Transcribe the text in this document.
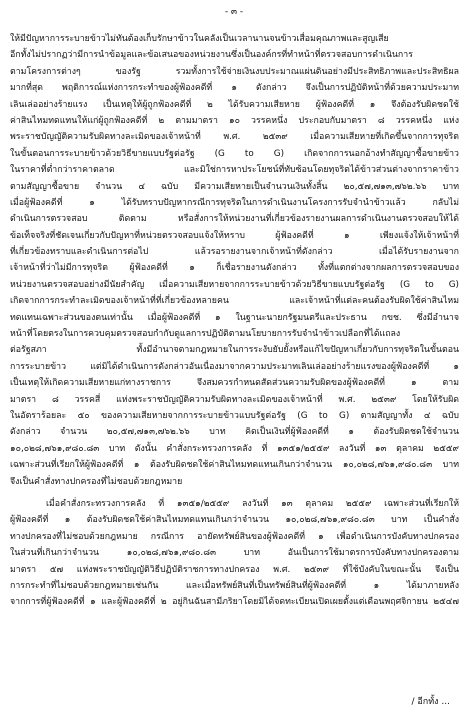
- ๓ -
ให้มีปัญหาการระบายข้าวไม่ทันต้องเก็บรักษาข้าวในคลังเป็นเวลานานจนข้าวเสื่อมคุณภาพและสูญเสีย
อีกทั้งไม่ปรากฏว่ามีการนำข้อมูลและข้อเสนอของหน่วยงานซึ่งเป็นองค์กรที่ทำหน้าที่ตรวจสอบการดำเนินการ
ตามโครงการต่างๆ ของรัฐ รวมทั้งการใช้จ่ายเงินงบประมาณแผ่นดินอย่างมีประสิทธิภาพและประสิทธิผล
มากที่สุด พฤติการณ์แห่งการกระทำของผู้ฟ้องคดีที่ ๑ ดังกล่าว จึงเป็นการปฏิบัติหน้าที่ด้วยความประมาท
เลินเล่ออย่างร้ายแรง เป็นเหตุให้ผู้ถูกฟ้องคดีที่ ๒ ได้รับความเสียหาย ผู้ฟ้องคดีที่ ๑ จึงต้องรับผิดชดใช้
ค่าสินไหมทดแทนให้แก่ผู้ถูกฟ้องคดีที่ ๒ ตามมาตรา ๑๐ วรรคหนึ่ง ประกอบกับมาตรา ๘ วรรคหนึ่ง แห่ง
พระราชบัญญัติความรับผิดทางละเมิดของเจ้าหน้าที่ พ.ศ. ๒๕๓๙ เมื่อความเสียหายที่เกิดขึ้นจากการทุจริต
ในขั้นตอนการระบายข้าวด้วยวิธีขายแบบรัฐต่อรัฐ (G to G) เกิดจากการนอกอ้างทำสัญญาซื้อขายข้าว
ในราคาที่ต่ำกว่าราคาตลาด และมิใช่การหาประโยชน์ที่ทับซ้อนโดยทุจริตได้ข้าวส่วนต่างจากราคาข้าว
ตามสัญญาซื้อขาย จำนวน ๔ ฉบับ มีความเสียหายเป็นจำนวนเงินทั้งสิ้น ๒๐,๕๗,๗๑๓,๗๖๒.๖๖ บาท
เมื่อผู้ฟ้องคดีที่ ๑ ได้รับทราบปัญหากรณีการทุจริตในการดำเนินงานโครงการรับจำนำข้าวแล้ว กลับไม่
ดำเนินการตรวจสอบ ติดตาม หรือสั่งการให้หน่วยงานที่เกี่ยวข้องรายงานผลการดำเนินงานตรวจสอบให้ได้
ข้อเท็จจริงที่ชัดเจนเกี่ยวกับปัญหาที่หน่วยตรวจสอบแจ้งให้ทราบ ผู้ฟ้องคดีที่ ๑ เพียงแจ้งให้เจ้าหน้าที่
ที่เกี่ยวข้องทราบและดำเนินการต่อไป แล้วรอรายงานจากเจ้าหน้าที่ดังกล่าว เมื่อได้รับรายงานจาก
เจ้าหน้าที่ว่าไม่มีการทุจริต ผู้ฟ้องคดีที่ ๑ ก็เชื่อรายงานดังกล่าว ทั้งที่แตกต่างจากผลการตรวจสอบของ
หน่วยงานตรวจสอบอย่างมีนัยสำคัญ เมื่อความเสียหายจากการระบายข้าวด้วยวิธีขายแบบรัฐต่อรัฐ (G to G)
เกิดจากการกระทำละเมิดของเจ้าหน้าที่ที่เกี่ยวข้องหลายคน และเจ้าหน้าที่แต่ละคนต้องรับผิดใช้ค่าสินไหม
ทดแทนเฉพาะส่วนของตนเท่านั้น เมื่อผู้ฟ้องคดีที่ ๑ ในฐานะนายกรัฐมนตรีและประธาน กขช. ซึ่งมีอำนาจ
หน้าที่โดยตรงในการควบคุมตรวจสอบกำกับดูแลการปฏิบัติตามนโยบายการรับจำนำข้าวเปลือกที่ได้แถลง
ต่อรัฐสภา ทั้งมีอำนาจตามกฎหมายในการระงับยับยั้งหรือแก้ไขปัญหาเกี่ยวกับการทุจริตในขั้นตอน
การระบายข้าว แต่มิได้ดำเนินการดังกล่าวอันเนื่องมาจากความประมาทเลินเล่ออย่างร้ายแรงของผู้ฟ้องคดีที่ ๑
เป็นเหตุให้เกิดความเสียหายแก่ทางราชการ จึงสมควรกำหนดสัดส่วนความรับผิดของผู้ฟ้องคดีที่ ๑ ตาม
มาตรา ๘ วรรคสี่ แห่งพระราชบัญญัติความรับผิดทางละเมิดของเจ้าหน้าที่ พ.ศ. ๒๕๓๙ โดยให้รับผิด
ในอัตราร้อยละ ๕๐ ของความเสียหายจากการระบายข้าวแบบรัฐต่อรัฐ (G to G) ตามสัญญาทั้ง ๔ ฉบับ
ดังกล่าว จำนวน ๒๐,๕๗,๗๑๓,๗๖๒.๖๖ บาท คิดเป็นเงินที่ผู้ฟ้องคดีที่ ๑ ต้องรับผิดชดใช้จำนวน
๑๐,๐๒๘,๗๖๑,๙๘๐.๘๓ บาท ดังนั้น คำสั่งกระทรวงการคลัง ที่ ๑๓๕๑/๒๕๕๙ ลงวันที่ ๑๓ ตุลาคม ๒๕๕๙
เฉพาะส่วนที่เรียกให้ผู้ฟ้องคดีที่ ๑ ต้องรับผิดชดใช้ค่าสินไหมทดแทนเกินกว่าจำนวน ๑๐,๐๒๘,๗๖๑,๙๘๐.๘๓ บาท
จึงเป็นคำสั่งทางปกครองที่ไม่ชอบด้วยกฎหมาย
เมื่อคำสั่งกระทรวงการคลัง ที่ ๑๓๕๑/๒๕๕๙ ลงวันที่ ๑๓ ตุลาคม ๒๕๕๙ เฉพาะส่วนที่เรียกให้
ผู้ฟ้องคดีที่ ๑ ต้องรับผิดชดใช้ค่าสินไหมทดแทนเกินกว่าจำนวน ๑๐,๐๒๘,๗๖๑,๙๘๐.๘๓ บาท เป็นคำสั่ง
ทางปกครองที่ไม่ชอบด้วยกฎหมาย กรณีการ อายัดทรัพย์สินของผู้ฟ้องคดีที่ ๑ เพื่อดำเนินการบังคับทางปกครอง
ในส่วนที่เกินกว่าจำนวน ๑๐,๐๒๘,๗๖๑,๙๘๐.๘๓ บาท อันเป็นการใช้มาตรการบังคับทางปกครองตาม
มาตรา ๕๗ แห่งพระราชบัญญัติวิธีปฏิบัติราชการทางปกครอง พ.ศ. ๒๕๓๙ ที่ใช้บังคับในขณะนั้น จึงเป็น
การกระทำที่ไม่ชอบด้วยกฎหมายเช่นกัน และเมื่อทรัพย์สินที่เป็นทรัพย์สินที่ผู้ฟ้องคดีที่ ๑ ได้มาภายหลัง
จากการที่ผู้ฟ้องคดีที่ ๑ และผู้ฟ้องคดีที่ ๒ อยู่กินฉันสามีภริยาโดยมิได้จดทะเบียนเปิดเผยตั้งแต่เดือนพฤศจิกายน ๒๕๔๗
/ อีกทั้ง ...
